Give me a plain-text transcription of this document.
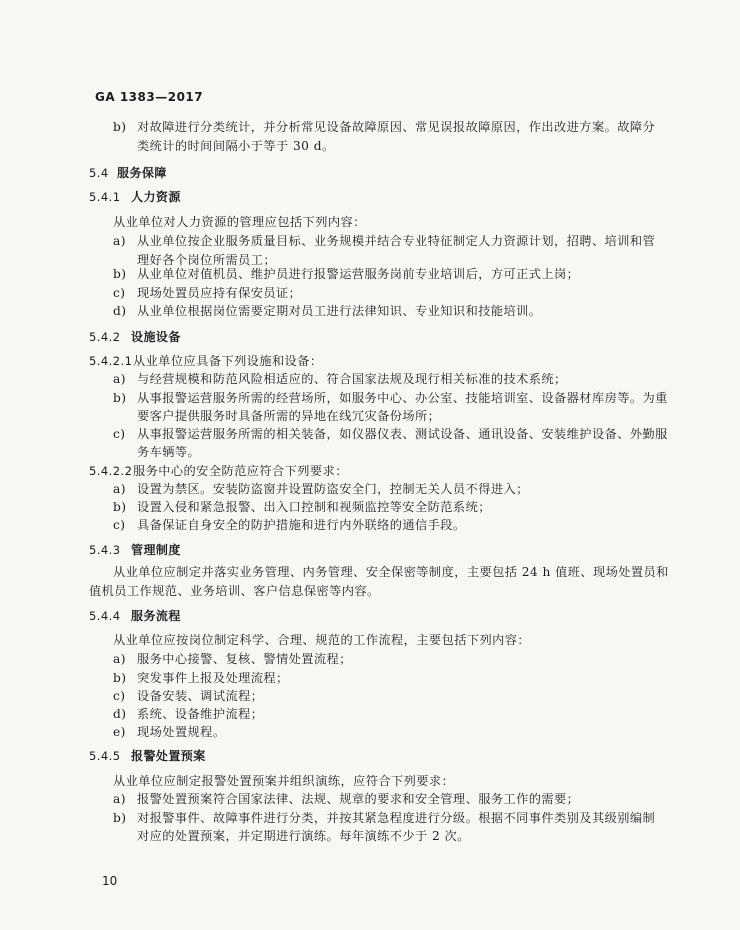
GA 1383—2017
b) 对故障进行分类统计，并分析常见设备故障原因、常见误报故障原因，作出改进方案。故障分
类统计的时间间隔小于等于 30 d。
5.4 服务保障
5.4.1 人力资源
从业单位对人力资源的管理应包括下列内容：
a) 从业单位按企业服务质量目标、业务规模并结合专业特征制定人力资源计划，招聘、培训和管
理好各个岗位所需员工；
b) 从业单位对值机员、维护员进行报警运营服务岗前专业培训后，方可正式上岗；
c) 现场处置员应持有保安员证；
d) 从业单位根据岗位需要定期对员工进行法律知识、专业知识和技能培训。
5.4.2 设施设备
5.4.2.1从业单位应具备下列设施和设备：
a) 与经营规模和防范风险相适应的、符合国家法规及现行相关标准的技术系统；
b) 从事报警运营服务所需的经营场所，如服务中心、办公室、技能培训室、设备器材库房等。为重
要客户提供服务时具备所需的异地在线冗灾备份场所；
c) 从事报警运营服务所需的相关装备，如仪器仪表、测试设备、通讯设备、安装维护设备、外勤服
务车辆等。
5.4.2.2服务中心的安全防范应符合下列要求：
a) 设置为禁区。安装防盗窗并设置防盗安全门，控制无关人员不得进入；
b) 设置入侵和紧急报警、出入口控制和视频监控等安全防范系统；
c) 具备保证自身安全的防护措施和进行内外联络的通信手段。
5.4.3 管理制度
从业单位应制定并落实业务管理、内务管理、安全保密等制度，主要包括 24 h 值班、现场处置员和
值机员工作规范、业务培训、客户信息保密等内容。
5.4.4 服务流程
从业单位应按岗位制定科学、合理、规范的工作流程，主要包括下列内容：
a) 服务中心接警、复核、警情处置流程；
b) 突发事件上报及处理流程；
c) 设备安装、调试流程；
d) 系统、设备维护流程；
e) 现场处置规程。
5.4.5 报警处置预案
从业单位应制定报警处置预案并组织演练，应符合下列要求：
a) 报警处置预案符合国家法律、法规、规章的要求和安全管理、服务工作的需要；
b) 对报警事件、故障事件进行分类，并按其紧急程度进行分级。根据不同事件类别及其级别编制
对应的处置预案，并定期进行演练。每年演练不少于 2 次。
10
